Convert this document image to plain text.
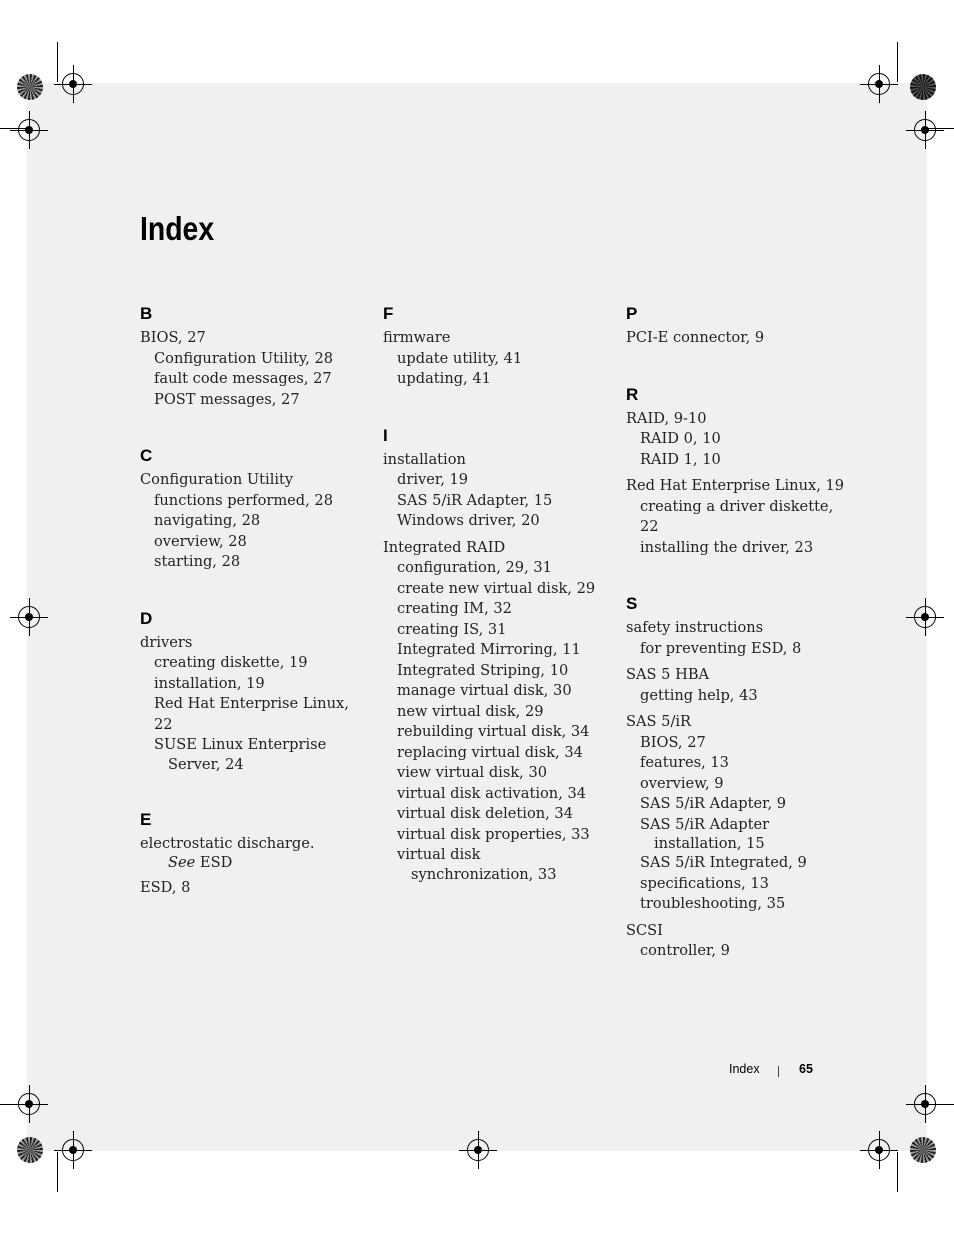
Index
B
BIOS, 27
Configuration Utility, 28
fault code messages, 27
POST messages, 27
C
Configuration Utility
functions performed, 28
navigating, 28
overview, 28
starting, 28
D
drivers
creating diskette, 19
installation, 19
Red Hat Enterprise Linux, 22
SUSE Linux Enterprise
Server, 24
E
electrostatic discharge.
See ESD
ESD, 8
F
firmware
update utility, 41
updating, 41
I
installation
driver, 19
SAS 5/iR Adapter, 15
Windows driver, 20
Integrated RAID
configuration, 29, 31
create new virtual disk, 29
creating IM, 32
creating IS, 31
Integrated Mirroring, 11
Integrated Striping, 10
manage virtual disk, 30
new virtual disk, 29
rebuilding virtual disk, 34
replacing virtual disk, 34
view virtual disk, 30
virtual disk activation, 34
virtual disk deletion, 34
virtual disk properties, 33
virtual disk
synchronization, 33
P
PCI-E connector, 9
R
RAID, 9-10
RAID 0, 10
RAID 1, 10
Red Hat Enterprise Linux, 19
creating a driver diskette, 22
installing the driver, 23
S
safety instructions
for preventing ESD, 8
SAS 5 HBA
getting help, 43
SAS 5/iR
BIOS, 27
features, 13
overview, 9
SAS 5/iR Adapter, 9
SAS 5/iR Adapter
installation, 15
SAS 5/iR Integrated, 9
specifications, 13
troubleshooting, 35
SCSI
controller, 9
Index	65
